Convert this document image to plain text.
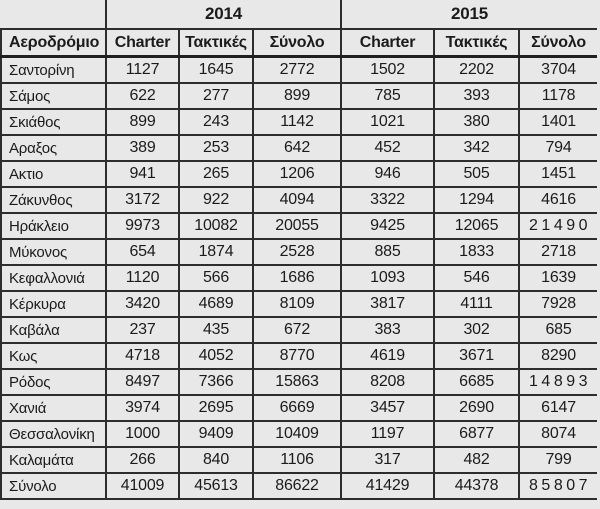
	2014			2015		
Αεροδρόμιο	Charter	Τακτικές	Σύνολο	Charter	Τακτικές	Σύνολο
Σαντορίνη	1127	1645	2772	1502	2202	3704
Σάμος	622	277	899	785	393	1178
Σκιάθος	899	243	1142	1021	380	1401
Αραξος	389	253	642	452	342	794
Ακτιο	941	265	1206	946	505	1451
Ζάκυνθος	3172	922	4094	3322	1294	4616
Ηράκλειο	9973	10082	20055	9425	12065	21490
Μύκονος	654	1874	2528	885	1833	2718
Κεφαλλονιά	1120	566	1686	1093	546	1639
Κέρκυρα	3420	4689	8109	3817	4111	7928
Καβάλα	237	435	672	383	302	685
Κως	4718	4052	8770	4619	3671	8290
Ρόδος	8497	7366	15863	8208	6685	14893
Χανιά	3974	2695	6669	3457	2690	6147
Θεσσαλονίκη	1000	9409	10409	1197	6877	8074
Καλαμάτα	266	840	1106	317	482	799
Σύνολο	41009	45613	86622	41429	44378	85807
